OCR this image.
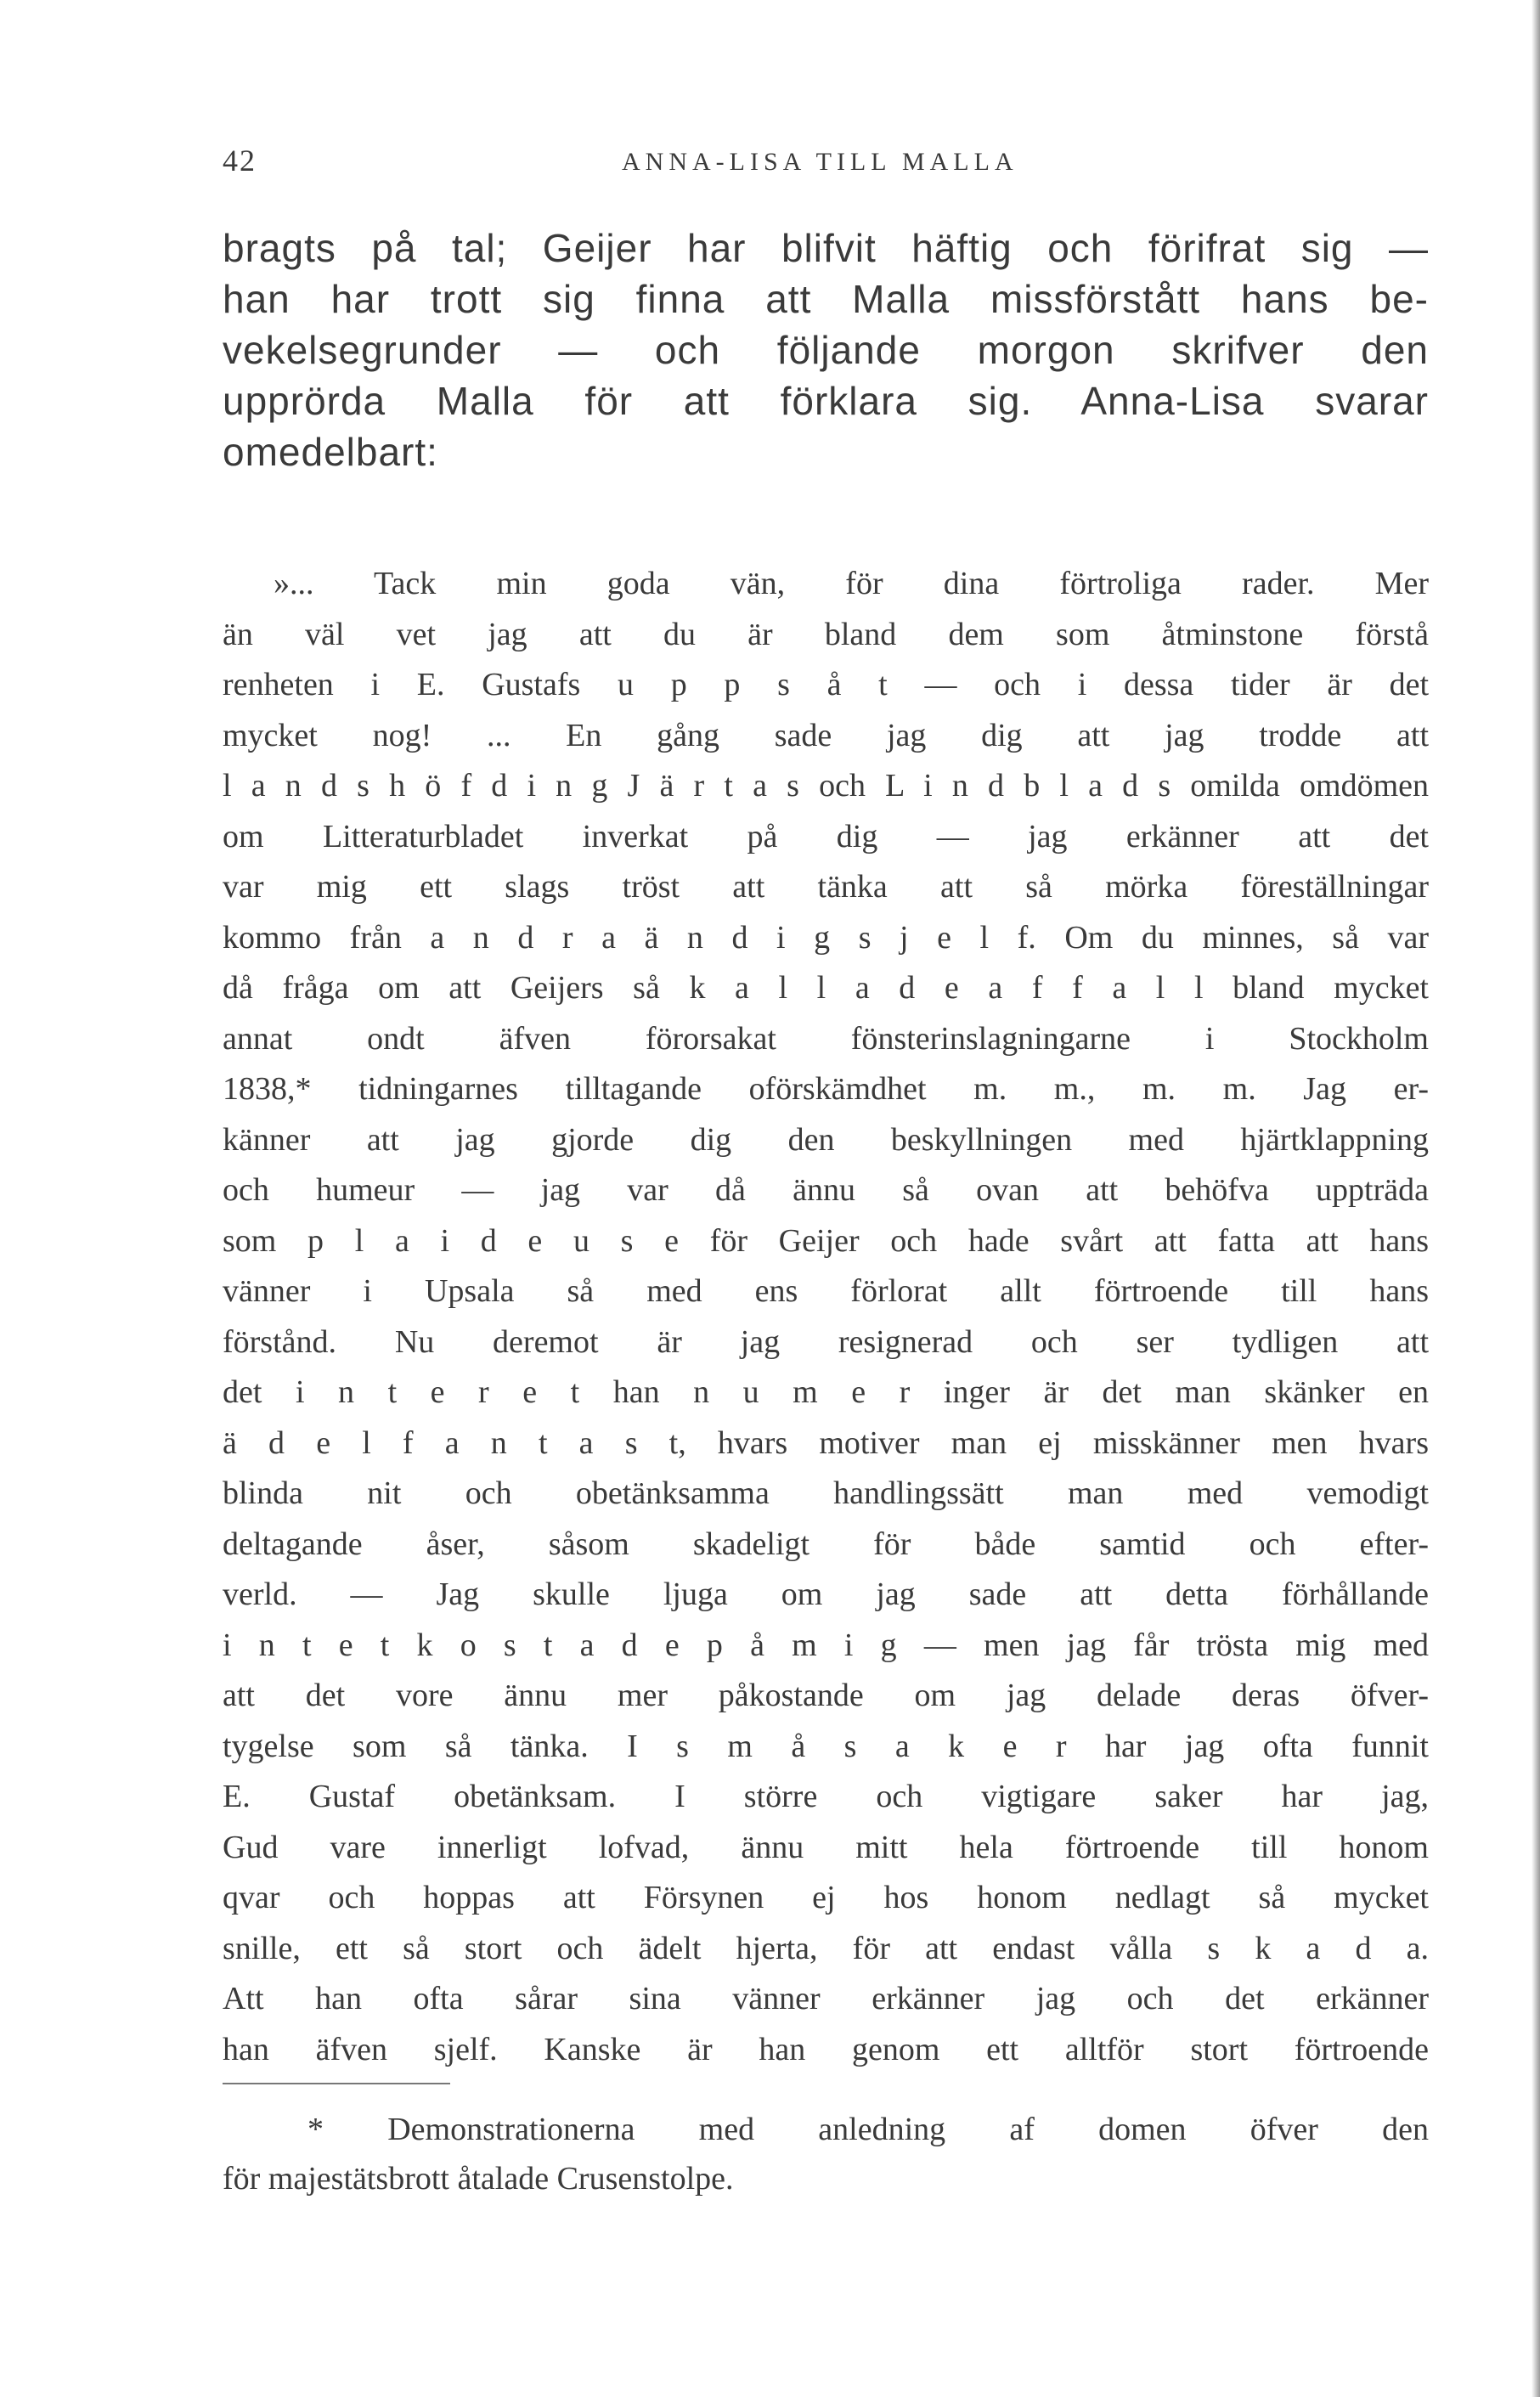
42	ANNA-LISA TILL MALLA
bragts på tal; Geijer har blifvit häftig och förifrat sig —
han har trott sig finna att Malla missförstått hans be-
vekelsegrunder — och följande morgon skrifver den
upprörda Malla för att förklara sig. Anna-Lisa svarar
omedelbart:
»... Tack min goda vän, för dina förtroliga rader. Mer
än väl vet jag att du är bland dem som åtminstone förstå
renheten i E. Gustafs u p p s å t — och i dessa tider är det
mycket nog! ... En gång sade jag dig att jag trodde att
l a n d s h ö f d i n g J ä r t a s och L i n d b l a d s omilda omdömen
om Litteraturbladet inverkat på dig — jag erkänner att det
var mig ett slags tröst att tänka att så mörka föreställningar
kommo från a n d r a ä n d i g s j e l f. Om du minnes, så var
då fråga om att Geijers så k a l l a d e a f f a l l bland mycket
annat ondt äfven förorsakat fönsterinslagningarne i Stockholm
1838,* tidningarnes tilltagande oförskämdhet m. m., m. m. Jag er-
känner att jag gjorde dig den beskyllningen med hjärtklappning
och humeur — jag var då ännu så ovan att behöfva uppträda
som p l a i d e u s e för Geijer och hade svårt att fatta att hans
vänner i Upsala så med ens förlorat allt förtroende till hans
förstånd. Nu deremot är jag resignerad och ser tydligen att
det i n t e r e t han n u m e r inger är det man skänker en
ä d e l f a n t a s t, hvars motiver man ej misskänner men hvars
blinda nit och obetänksamma handlingssätt man med vemodigt
deltagande åser, såsom skadeligt för både samtid och efter-
verld. — Jag skulle ljuga om jag sade att detta förhållande
i n t e t k o s t a d e p å m i g — men jag får trösta mig med
att det vore ännu mer påkostande om jag delade deras öfver-
tygelse som så tänka. I s m å s a k e r har jag ofta funnit
E. Gustaf obetänksam. I större och vigtigare saker har jag,
Gud vare innerligt lofvad, ännu mitt hela förtroende till honom
qvar och hoppas att Försynen ej hos honom nedlagt så mycket
snille, ett så stort och ädelt hjerta, för att endast vålla s k a d a.
Att han ofta sårar sina vänner erkänner jag och det erkänner
han äfven sjelf. Kanske är han genom ett alltför stort förtroende
* Demonstrationerna med anledning af domen öfver den
för majestätsbrott åtalade Crusenstolpe.
